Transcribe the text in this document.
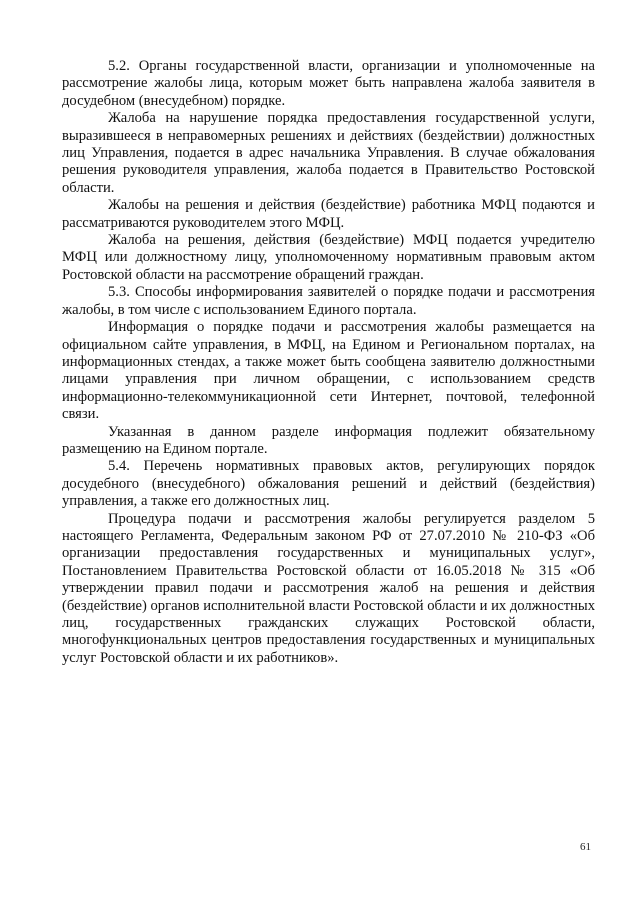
5.2. Органы государственной власти, организации и уполномоченные на рассмотрение жалобы лица, которым может быть направлена жалоба заявителя в досудебном (внесудебном) порядке.

Жалоба на нарушение порядка предоставления государственной услуги, выразившееся в неправомерных решениях и действиях (бездействии) должностных лиц Управления, подается в адрес начальника Управления. В случае обжалования решения руководителя управления, жалоба подается в Правительство Ростовской области.

Жалобы на решения и действия (бездействие) работника МФЦ подаются и рассматриваются руководителем этого МФЦ.

Жалоба на решения, действия (бездействие) МФЦ подается учредителю МФЦ или должностному лицу, уполномоченному нормативным правовым актом Ростовской области на рассмотрение обращений граждан.

5.3. Способы информирования заявителей о порядке подачи и рассмотрения жалобы, в том числе с использованием Единого портала.

Информация о порядке подачи и рассмотрения жалобы размещается на официальном сайте управления, в МФЦ, на Едином и Региональном порталах, на информационных стендах, а также может быть сообщена заявителю должностными лицами управления при личном обращении, с использованием средств информационно-телекоммуникационной сети Интернет, почтовой, телефонной связи.

Указанная в данном разделе информация подлежит обязательному размещению на Едином портале.

5.4. Перечень нормативных правовых актов, регулирующих порядок досудебного (внесудебного) обжалования решений и действий (бездействия) управления, а также его должностных лиц.

Процедура подачи и рассмотрения жалобы регулируется разделом 5 настоящего Регламента, Федеральным законом РФ от 27.07.2010 № 210-ФЗ «Об организации предоставления государственных и муниципальных услуг», Постановлением Правительства Ростовской области от 16.05.2018 № 315 «Об утверждении правил подачи и рассмотрения жалоб на решения и действия (бездействие) органов исполнительной власти Ростовской области и их должностных лиц, государственных гражданских служащих Ростовской области, многофункциональных центров предоставления государственных и муниципальных услуг Ростовской области и их работников».

61
